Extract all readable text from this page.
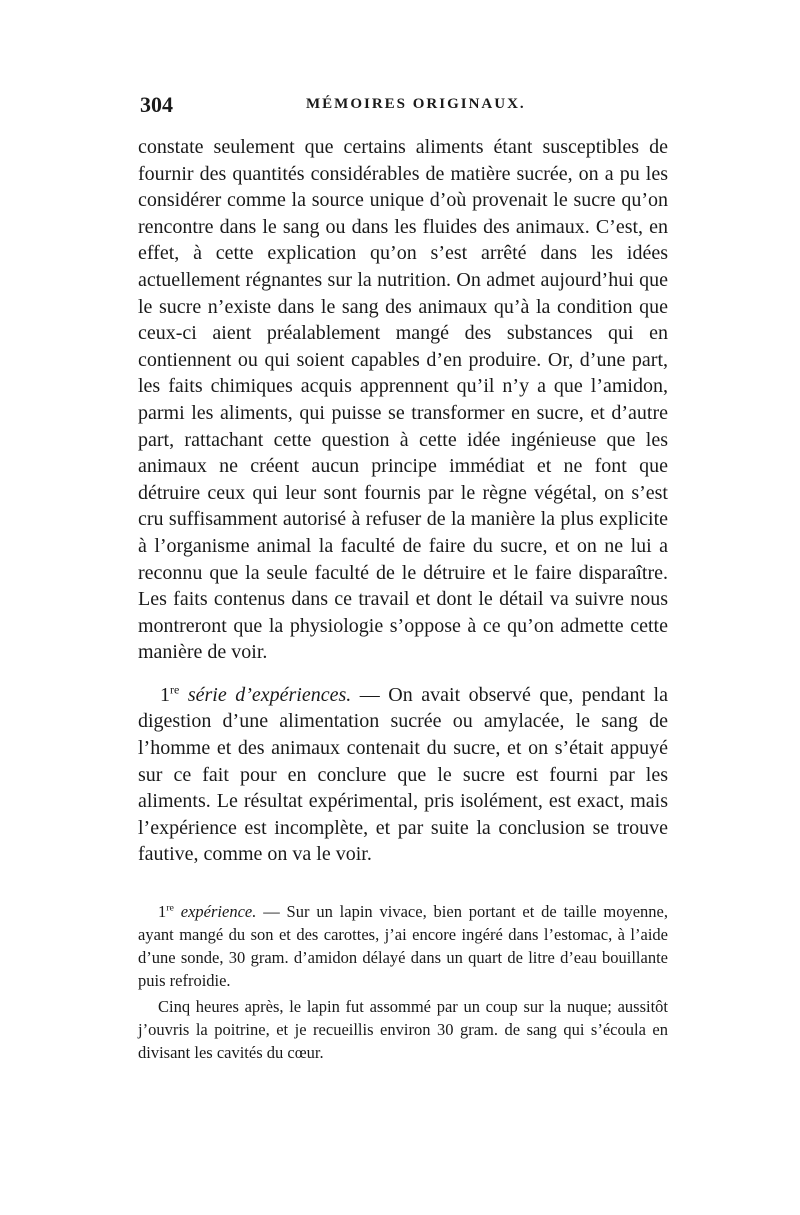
304	MÉMOIRES ORIGINAUX.

constate seulement que certains aliments étant susceptibles de fournir des quantités considérables de matière sucrée, on a pu les considérer comme la source unique d’où provenait le sucre qu’on rencontre dans le sang ou dans les fluides des animaux. C’est, en effet, à cette explication qu’on s’est arrêté dans les idées actuellement régnantes sur la nutrition. On admet aujourd’hui que le sucre n’existe dans le sang des animaux qu’à la condition que ceux-ci aient préalablement mangé des substances qui en contiennent ou qui soient capables d’en produire. Or, d’une part, les faits chimiques acquis apprennent qu’il n’y a que l’amidon, parmi les aliments, qui puisse se transformer en sucre, et d’autre part, rattachant cette question à cette idée ingénieuse que les animaux ne créent aucun principe immédiat et ne font que détruire ceux qui leur sont fournis par le règne végétal, on s’est cru suffisamment autorisé à refuser de la manière la plus explicite à l’organisme animal la faculté de faire du sucre, et on ne lui a reconnu que la seule faculté de le détruire et le faire disparaître. Les faits contenus dans ce travail et dont le détail va suivre nous montreront que la physiologie s’oppose à ce qu’on admette cette manière de voir.

1re série d’expériences. — On avait observé que, pendant la digestion d’une alimentation sucrée ou amylacée, le sang de l’homme et des animaux contenait du sucre, et on s’était appuyé sur ce fait pour en conclure que le sucre est fourni par les aliments. Le résultat expérimental, pris isolément, est exact, mais l’expérience est incomplète, et par suite la conclusion se trouve fautive, comme on va le voir.

1re expérience. — Sur un lapin vivace, bien portant et de taille moyenne, ayant mangé du son et des carottes, j’ai encore ingéré dans l’estomac, à l’aide d’une sonde, 30 gram. d’amidon délayé dans un quart de litre d’eau bouillante puis refroidie.

Cinq heures après, le lapin fut assommé par un coup sur la nuque; aussitôt j’ouvris la poitrine, et je recueillis environ 30 gram. de sang qui s’écoula en divisant les cavités du cœur.
